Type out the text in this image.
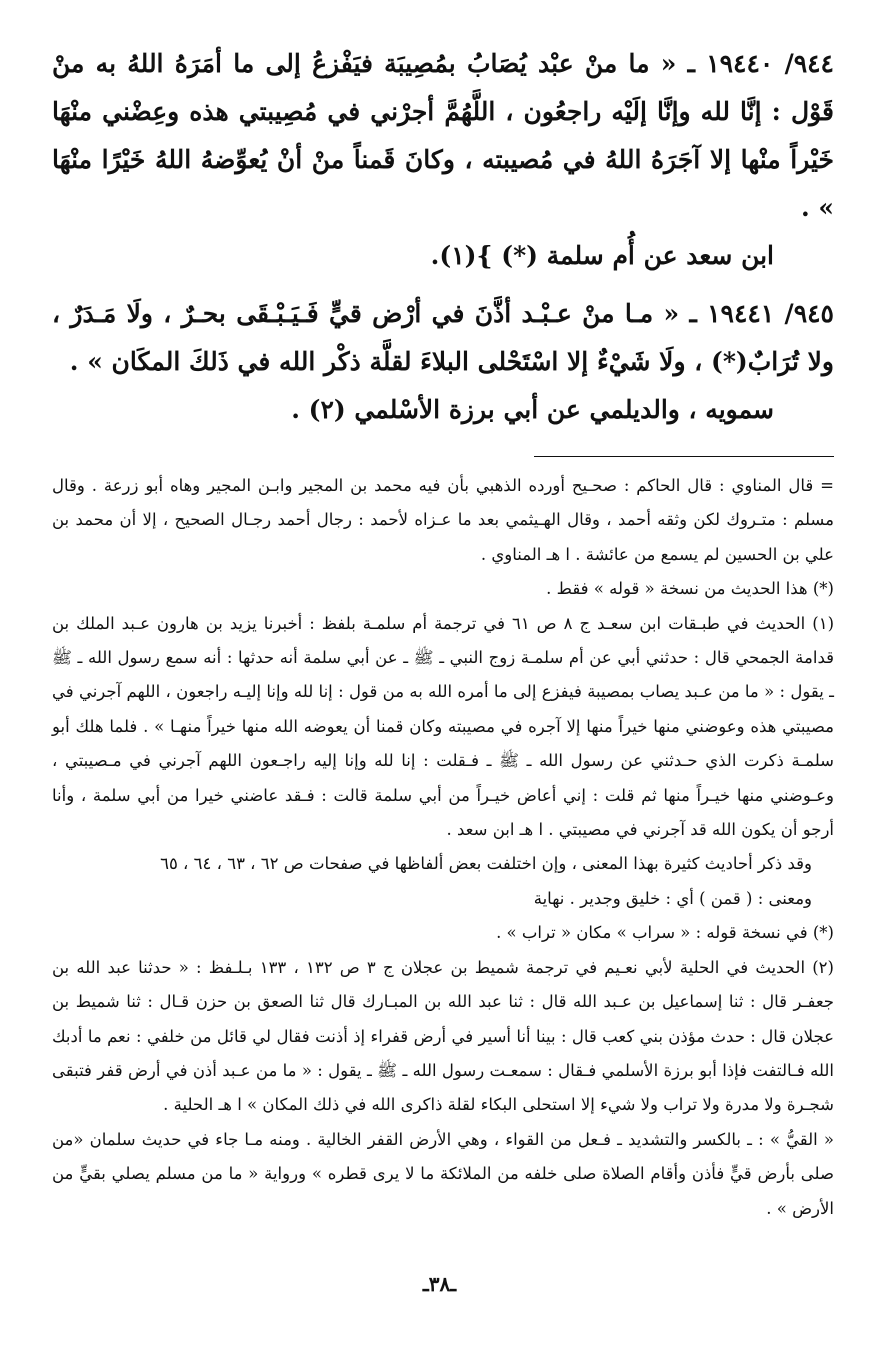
٩٤٤/ ١٩٤٤٠ ـ « ما منْ عبْد يُصَابُ بمُصِيبَة فيَفْزعُ إلى ما أمَرَهُ اللهُ به منْ قَوْل : إنَّا لله وإنَّا إلَيْه راجعُون ، اللَّهُمَّ أجرْني في مُصِيبتي هذه وعِضْني منْهَا خَيْراً منْها إلا آجَرَهُ اللهُ في مُصيبته ، وكانَ قَمناً منْ أنْ يُعوِّضهُ اللهُ خَيْرًا منْهَا » .

ابن سعد عن أُم سلمة (*) }(١).

٩٤٥/ ١٩٤٤١ ـ « مـا منْ عـبْـد أذَّنَ في أرْض قيٍّ فَـيَـبْـقَى بحـرٌ ، ولَا مَـدَرٌ ، ولا تُرَابٌ(*) ، ولَا شَيْءٌ إلا اسْتَحْلى البلاءَ لقلَّة ذكْر الله في ذَلكَ المكَان » .

سمويه ، والديلمي عن أبي برزة الأسْلمي (٢) .

= قال المناوي : قال الحاكم : صحـيح أورده الذهبي بأن فيه محمد بن المجير وابـن المجير وهاه أبو زرعة . وقال مسلم : متـروك لكن وثقه أحمد ، وقال الهـيثمي بعد ما عـزاه لأحمد : رجال أحمد رجـال الصحيح ، إلا أن محمد بن علي بن الحسين لم يسمع من عائشة . ا هـ المناوي .

(*) هذا الحديث من نسخة « قوله » فقط .

(١) الحديث في طبـقات ابن سعـد ج ٨ ص ٦١ في ترجمة أم سلمـة بلفظ : أخبرنا يزيد بن هارون عـبد الملك بن قدامة الجمحي قال : حدثني أبي عن أم سلمـة زوج النبي ـ ﷺ ـ عن أبي سلمة أنه حدثها : أنه سمع رسول الله ـ ﷺ ـ يقول : « ما من عـبد يصاب بمصيبة فيفزع إلى ما أمره الله به من قول : إنا لله وإنا إليـه راجعون ، اللهم آجرني في مصيبتي هذه وعوضني منها خيراً منها إلا آجره في مصيبته وكان قمنا أن يعوضه الله منها خيراً منهـا » . فلما هلك أبو سلمـة ذكرت الذي حـدثني عن رسول الله ـ ﷺ ـ فـقلت : إنا لله وإنا إليه راجـعون اللهم آجرني في مـصيبتي ، وعـوضني منها خيـراً منها ثم قلت : إني أعاض خيـراً من أبي سلمة قالت : فـقد عاضني خيرا من أبي سلمة ، وأنا أرجو أن يكون الله قد آجرني في مصيبتي . ا هـ ابن سعد .

وقد ذكر أحاديث كثيرة بهذا المعنى ، وإن اختلفت بعض ألفاظها في صفحات ص ٦٢ ، ٦٣ ، ٦٤ ، ٦٥

ومعنى : ( قمن ) أي : خليق وجدير . نهاية

(*) في نسخة قوله : « سراب » مكان « تراب » .

(٢) الحديث في الحلية لأبي نعـيم في ترجمة شميط بن عجلان ج ٣ ص ١٣٢ ، ١٣٣ بـلـفظ : « حدثنا عبد الله بن جعفـر قال : ثنا إسماعيل بن عـبد الله قال : ثنا عبد الله بن المبـارك قال ثنا الصعق بن حزن قـال : ثنا شميط بن عجلان قال : حدث مؤذن بني كعب قال : بينا أنا أسير في أرض قفراء إذ أذنت فقال لي قائل من خلفي : نعم ما أدبك الله فـالتفت فإذا أبو برزة الأسلمي فـقال : سمعـت رسول الله ـ ﷺ ـ يقول : « ما من عـبد أذن في أرض قفر فتبقى شجـرة ولا مدرة ولا تراب ولا شيء إلا استحلى البكاء لقلة ذاكرى الله في ذلك المكان » ا هـ الحلية .

« القيُّ » : ـ بالكسر والتشديد ـ فـعل من القواء ، وهي الأرض القفر الخالية . ومنه مـا جاء في حديث سلمان «من صلى بأرض قيٍّ فأذن وأقام الصلاة صلى خلفه من الملائكة ما لا يرى قطره » ورواية « ما من مسلم يصلي بقيٍّ من الأرض » .

ـ٣٨ـ
